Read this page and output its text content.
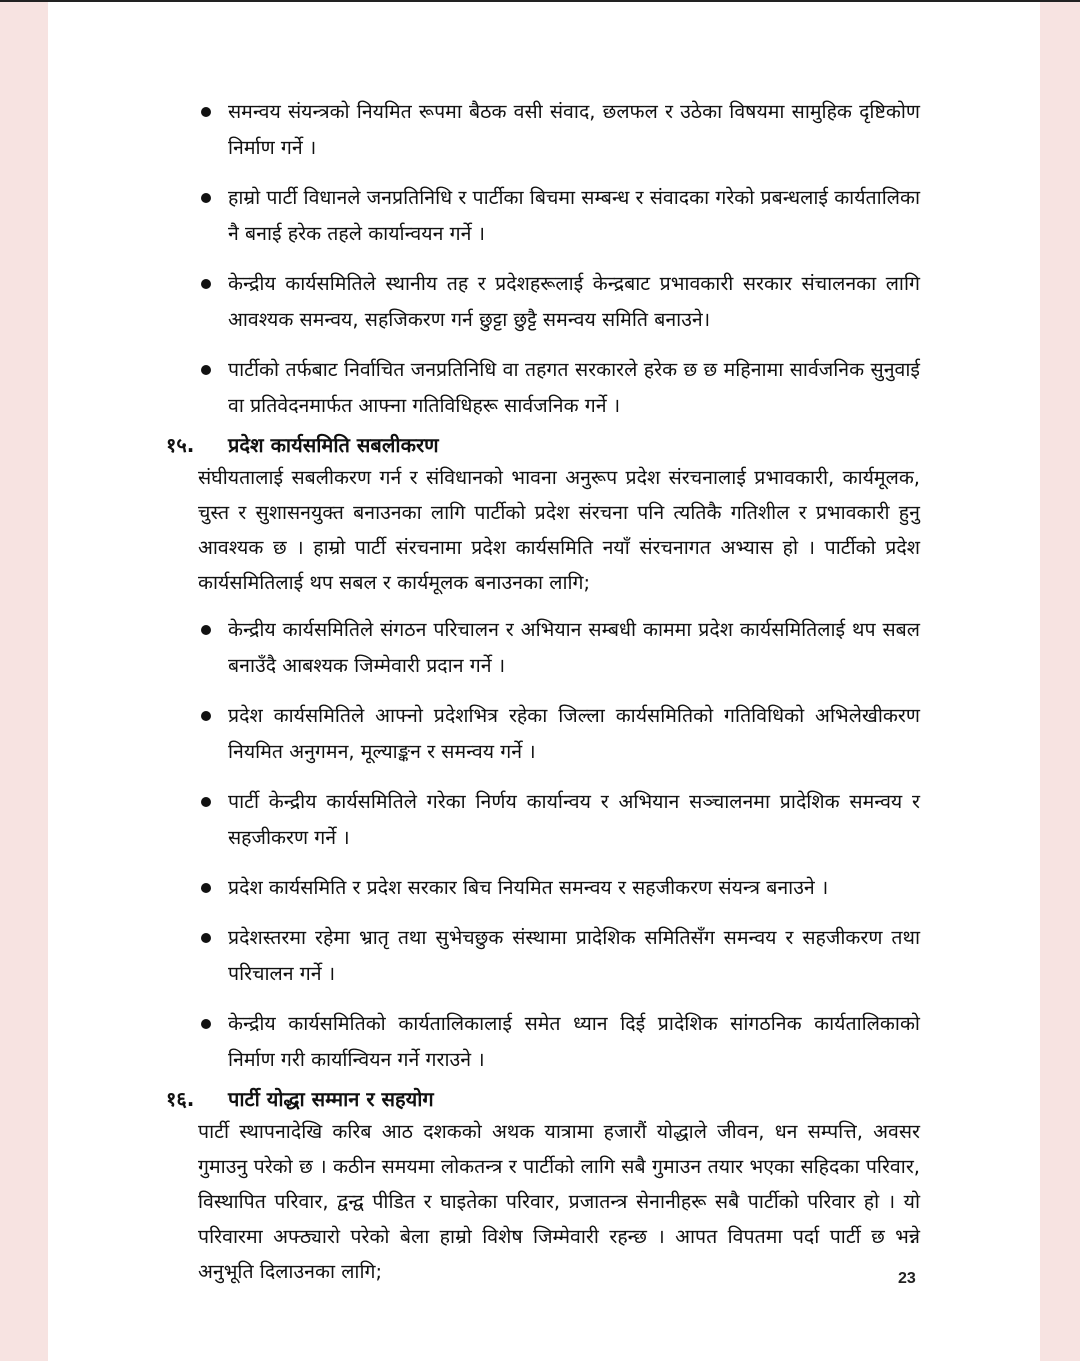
समन्वय संयन्त्रको नियमित रूपमा बैठक वसी संवाद, छलफल र उठेका विषयमा सामुहिक दृष्टिकोण निर्माण गर्ने ।
हाम्रो पार्टी विधानले जनप्रतिनिधि र पार्टीका बिचमा सम्बन्ध र संवादका गरेको प्रबन्धलाई कार्यतालिका नै बनाई हरेक तहले कार्यान्वयन गर्ने ।
केन्द्रीय कार्यसमितिले स्थानीय तह र प्रदेशहरूलाई केन्द्रबाट प्रभावकारी सरकार संचालनका लागि आवश्यक समन्वय, सहजिकरण गर्न छुट्टा छुट्टै समन्वय समिति बनाउने।
पार्टीको तर्फबाट निर्वाचित जनप्रतिनिधि वा तहगत सरकारले हरेक छ छ महिनामा सार्वजनिक सुनुवाई वा प्रतिवेदनमार्फत आफ्ना गतिविधिहरू सार्वजनिक गर्ने ।
१५. प्रदेश कार्यसमिति सबलीकरण

संघीयतालाई सबलीकरण गर्न र संविधानको भावना अनुरूप प्रदेश संरचनालाई प्रभावकारी, कार्यमूलक, चुस्त र सुशासनयुक्त बनाउनका लागि पार्टीको प्रदेश संरचना पनि त्यतिकै गतिशील र प्रभावकारी हुनु आवश्यक छ । हाम्रो पार्टी संरचनामा प्रदेश कार्यसमिति नयाँ संरचनागत अभ्यास हो । पार्टीको प्रदेश कार्यसमितिलाई थप सबल र कार्यमूलक बनाउनका लागि;

केन्द्रीय कार्यसमितिले संगठन परिचालन र अभियान सम्बधी काममा प्रदेश कार्यसमितिलाई थप सबल बनाउँदै आबश्यक जिम्मेवारी प्रदान गर्ने ।
प्रदेश कार्यसमितिले आफ्नो प्रदेशभित्र रहेका जिल्ला कार्यसमितिको गतिविधिको अभिलेखीकरण नियमित अनुगमन, मूल्याङ्कन र समन्वय गर्ने ।
पार्टी केन्द्रीय कार्यसमितिले गरेका निर्णय कार्यान्वय र अभियान सञ्चालनमा प्रादेशिक समन्वय र सहजीकरण गर्ने ।
प्रदेश कार्यसमिति र प्रदेश सरकार बिच नियमित समन्वय र सहजीकरण संयन्त्र बनाउने ।
प्रदेशस्तरमा रहेमा भ्रातृ तथा सुभेचछुक संस्थामा प्रादेशिक समितिसँग समन्वय र सहजीकरण तथा परिचालन गर्ने ।
केन्द्रीय कार्यसमितिको कार्यतालिकालाई समेत ध्यान दिई प्रादेशिक सांगठनिक कार्यतालिकाको निर्माण गरी कार्यान्वियन गर्ने गराउने ।
१६. पार्टी योद्धा सम्मान र सहयोग

पार्टी स्थापनादेखि करिब आठ दशकको अथक यात्रामा हजारौं योद्धाले जीवन, धन सम्पत्ति, अवसर गुमाउनु परेको छ । कठीन समयमा लोकतन्त्र र पार्टीको लागि सबै गुमाउन तयार भएका सहिदका परिवार, विस्थापित परिवार, द्वन्द्व पीडित र घाइतेका परिवार, प्रजातन्त्र सेनानीहरू सबै पार्टीको परिवार हो । यो परिवारमा अफ्ठ्यारो परेको बेला हाम्रो विशेष जिम्मेवारी रहन्छ । आपत विपतमा पर्दा पार्टी छ भन्ने अनुभूति दिलाउनका लागि;	23
